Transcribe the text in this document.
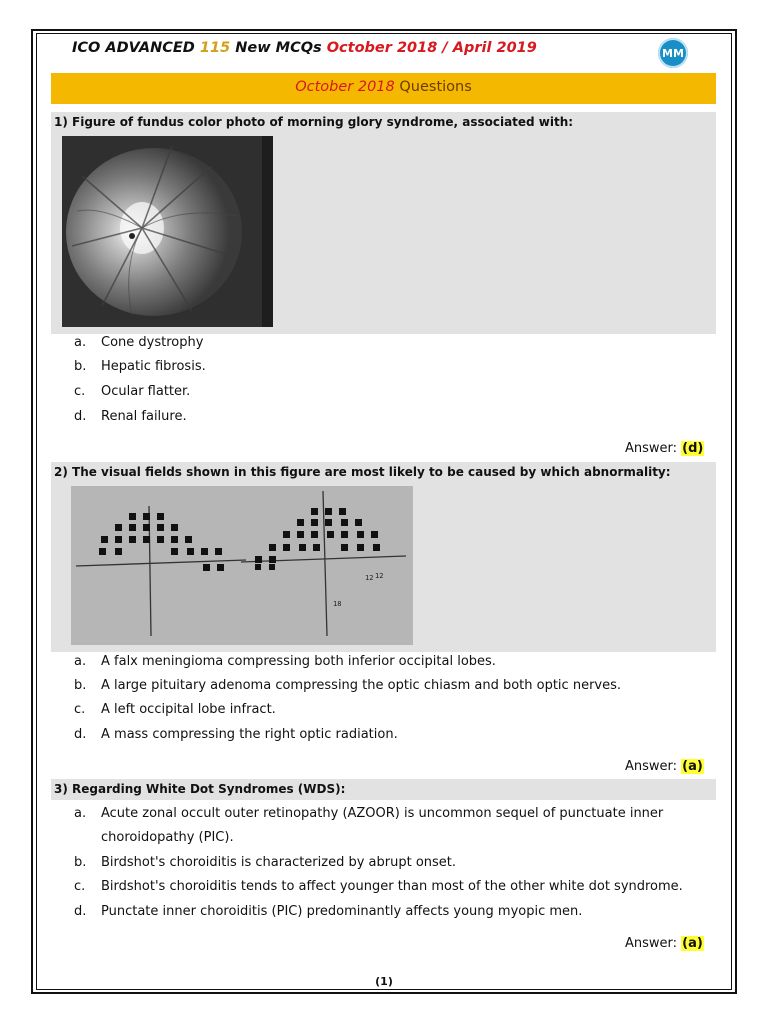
ICO ADVANCED 115 New MCQs October 2018 / April 2019	MM
October 2018 Questions
1) Figure of fundus color photo of morning glory syndrome, associated with:
a. Cone dystrophy
b. Hepatic fibrosis.
c. Ocular flatter.
d. Renal failure.
Answer: (d)
2) The visual fields shown in this figure are most likely to be caused by which abnormality:
12 12
18
a. A falx meningioma compressing both inferior occipital lobes.
b. A large pituitary adenoma compressing the optic chiasm and both optic nerves.
c. A left occipital lobe infract.
d. A mass compressing the right optic radiation.
Answer: (a)
3) Regarding White Dot Syndromes (WDS):
a. Acute zonal occult outer retinopathy (AZOOR) is uncommon sequel of punctuate inner
choroidopathy (PIC).
b. Birdshot's choroiditis is characterized by abrupt onset.
c. Birdshot's choroiditis tends to affect younger than most of the other white dot syndrome.
d. Punctate inner choroiditis (PIC) predominantly affects young myopic men.
Answer: (a)
(1)
